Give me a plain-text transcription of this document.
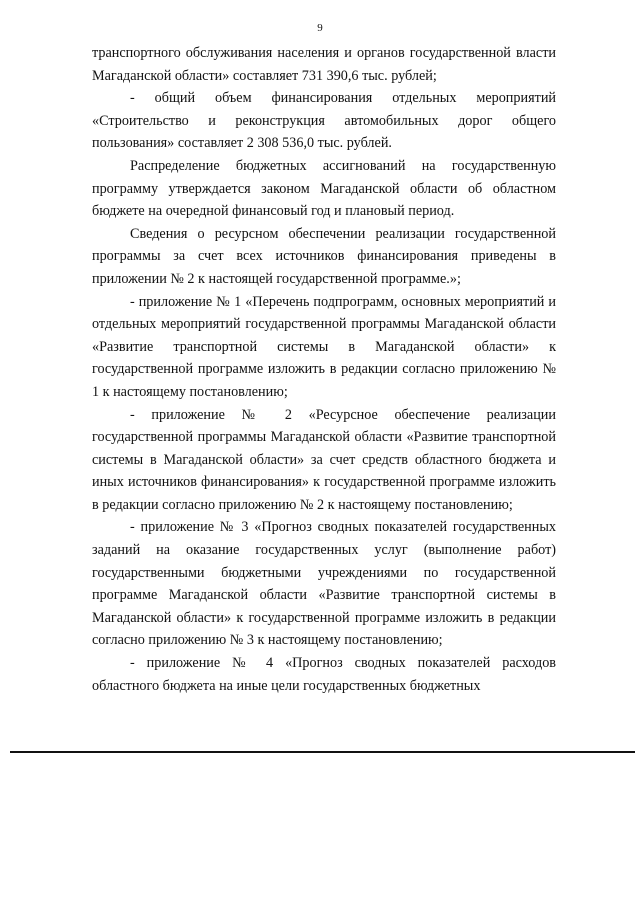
9

транспортного обслуживания населения и органов государственной власти Магаданской области» составляет 731 390,6 тыс. рублей;

- общий объем финансирования отдельных мероприятий «Строительство и реконструкция автомобильных дорог общего пользования» составляет 2 308 536,0 тыс. рублей.

Распределение бюджетных ассигнований на государственную программу утверждается законом Магаданской области об областном бюджете на очередной финансовый год и плановый период.

Сведения о ресурсном обеспечении реализации государственной программы за счет всех источников финансирования приведены в приложении № 2 к настоящей государственной программе.»;

- приложение № 1 «Перечень подпрограмм, основных мероприятий и отдельных мероприятий государственной программы Магаданской области «Развитие транспортной системы в Магаданской области» к государственной программе изложить в редакции согласно приложению № 1 к настоящему постановлению;

- приложение № 2 «Ресурсное обеспечение реализации государственной программы Магаданской области «Развитие транспортной системы в Магаданской области» за счет средств областного бюджета и иных источников финансирования» к государственной программе изложить в редакции согласно приложению № 2 к настоящему постановлению;

- приложение № 3 «Прогноз сводных показателей государственных заданий на оказание государственных услуг (выполнение работ) государственными бюджетными учреждениями по государственной программе Магаданской области «Развитие транспортной системы в Магаданской области» к государственной программе изложить в редакции согласно приложению № 3 к настоящему постановлению;

- приложение № 4 «Прогноз сводных показателей расходов областного бюджета на иные цели государственных бюджетных
